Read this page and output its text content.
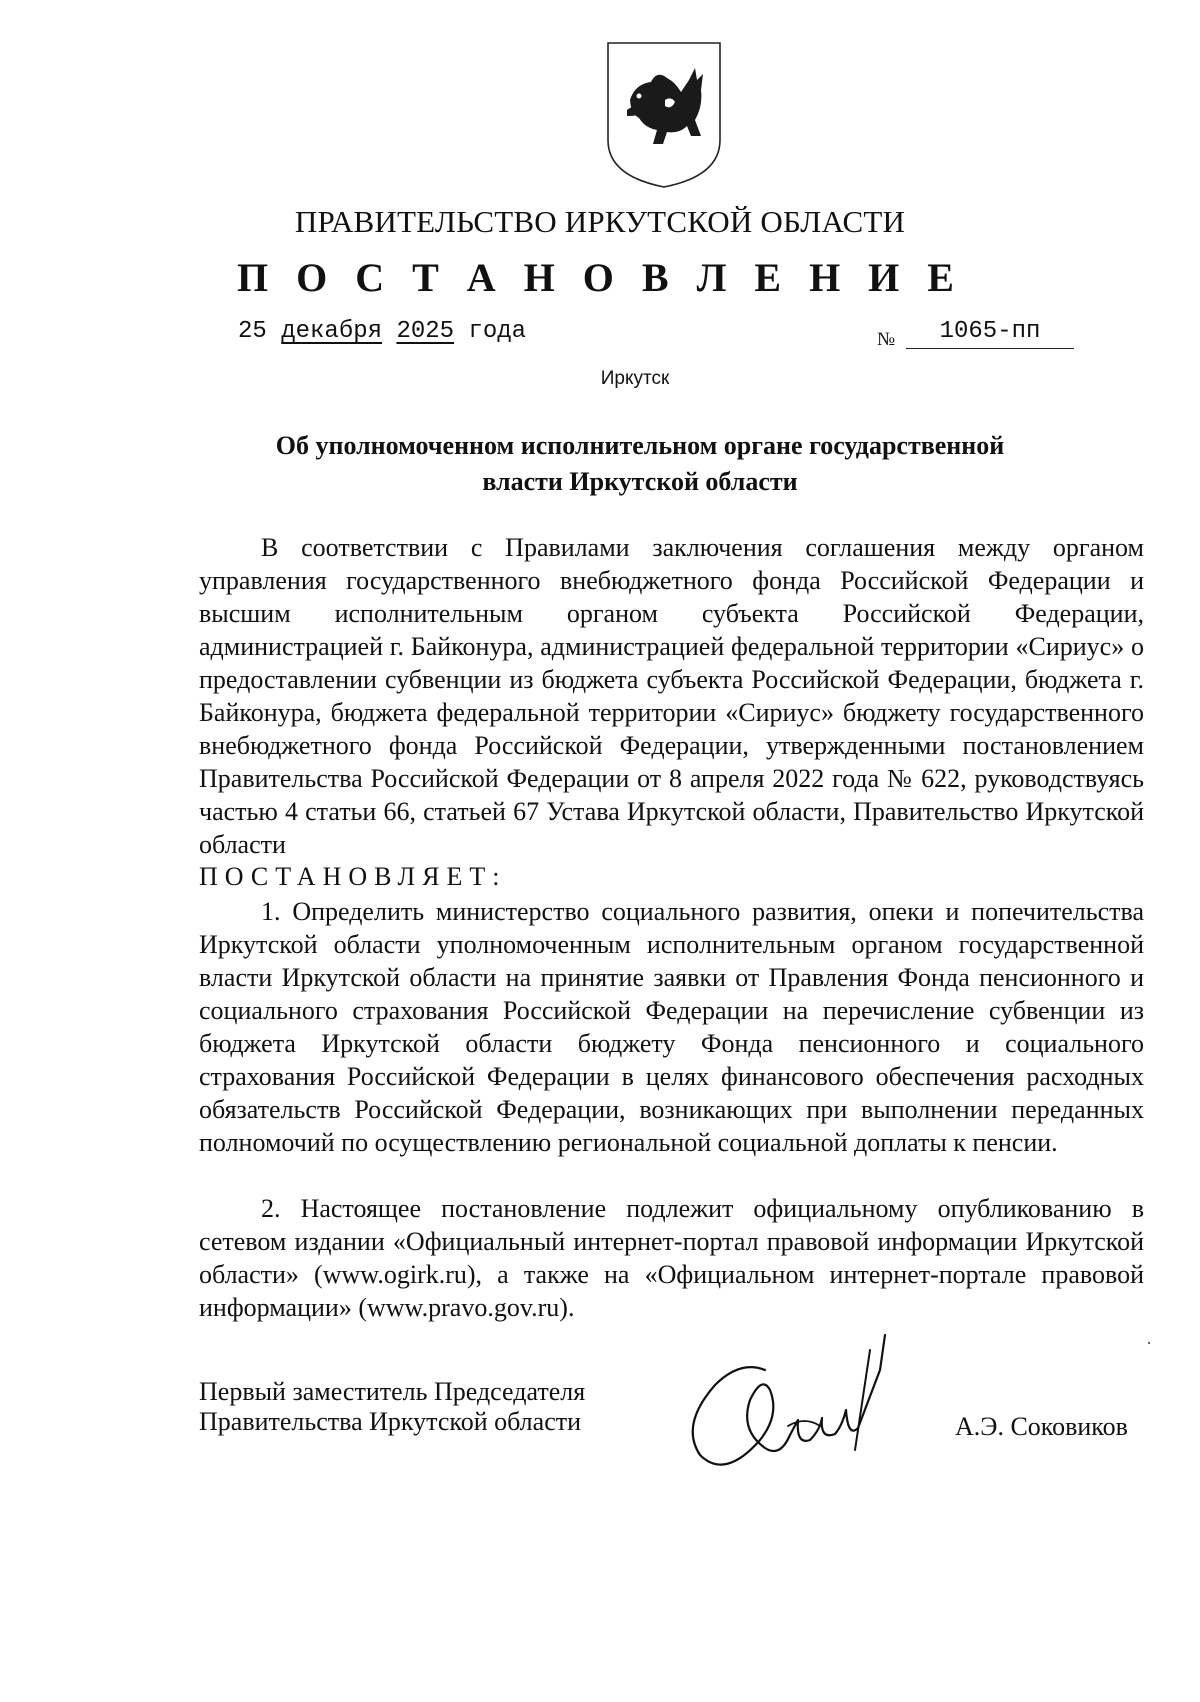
ПРАВИТЕЛЬСТВО ИРКУТСКОЙ ОБЛАСТИ
П О С Т А Н О В Л Е Н И Е
25 декабря 2025 года	№	1065-пп
Иркутск
Об уполномоченном исполнительном органе государственной
власти Иркутской области

В соответствии с Правилами заключения соглашения между органом управления государственного внебюджетного фонда Российской Федерации и высшим исполнительным органом субъекта Российской Федерации, администрацией г. Байконура, администрацией федеральной территории «Сириус» о предоставлении субвенции из бюджета субъекта Российской Федерации, бюджета г. Байконура, бюджета федеральной территории «Сириус» бюджету государственного внебюджетного фонда Российской Федерации, утвержденными постановлением Правительства Российской Федерации от 8 апреля 2022 года № 622, руководствуясь частью 4 статьи 66, статьей 67 Устава Иркутской области, Правительство Иркутской области

ПОСТАНОВЛЯЕТ:

1. Определить министерство социального развития, опеки и попечительства Иркутской области уполномоченным исполнительным органом государственной власти Иркутской области на принятие заявки от Правления Фонда пенсионного и социального страхования Российской Федерации на перечисление субвенции из бюджета Иркутской области бюджету Фонда пенсионного и социального страхования Российской Федерации в целях финансового обеспечения расходных обязательств Российской Федерации, возникающих при выполнении переданных полномочий по осуществлению региональной социальной доплаты к пенсии.

2. Настоящее постановление подлежит официальному опубликованию в сетевом издании «Официальный интернет-портал правовой информации Иркутской области» (www.ogirk.ru), а также на «Официальном интернет-портале правовой информации» (www.pravo.gov.ru).

Первый заместитель Председателя
Правительства Иркутской области	А.Э. Соковиков
